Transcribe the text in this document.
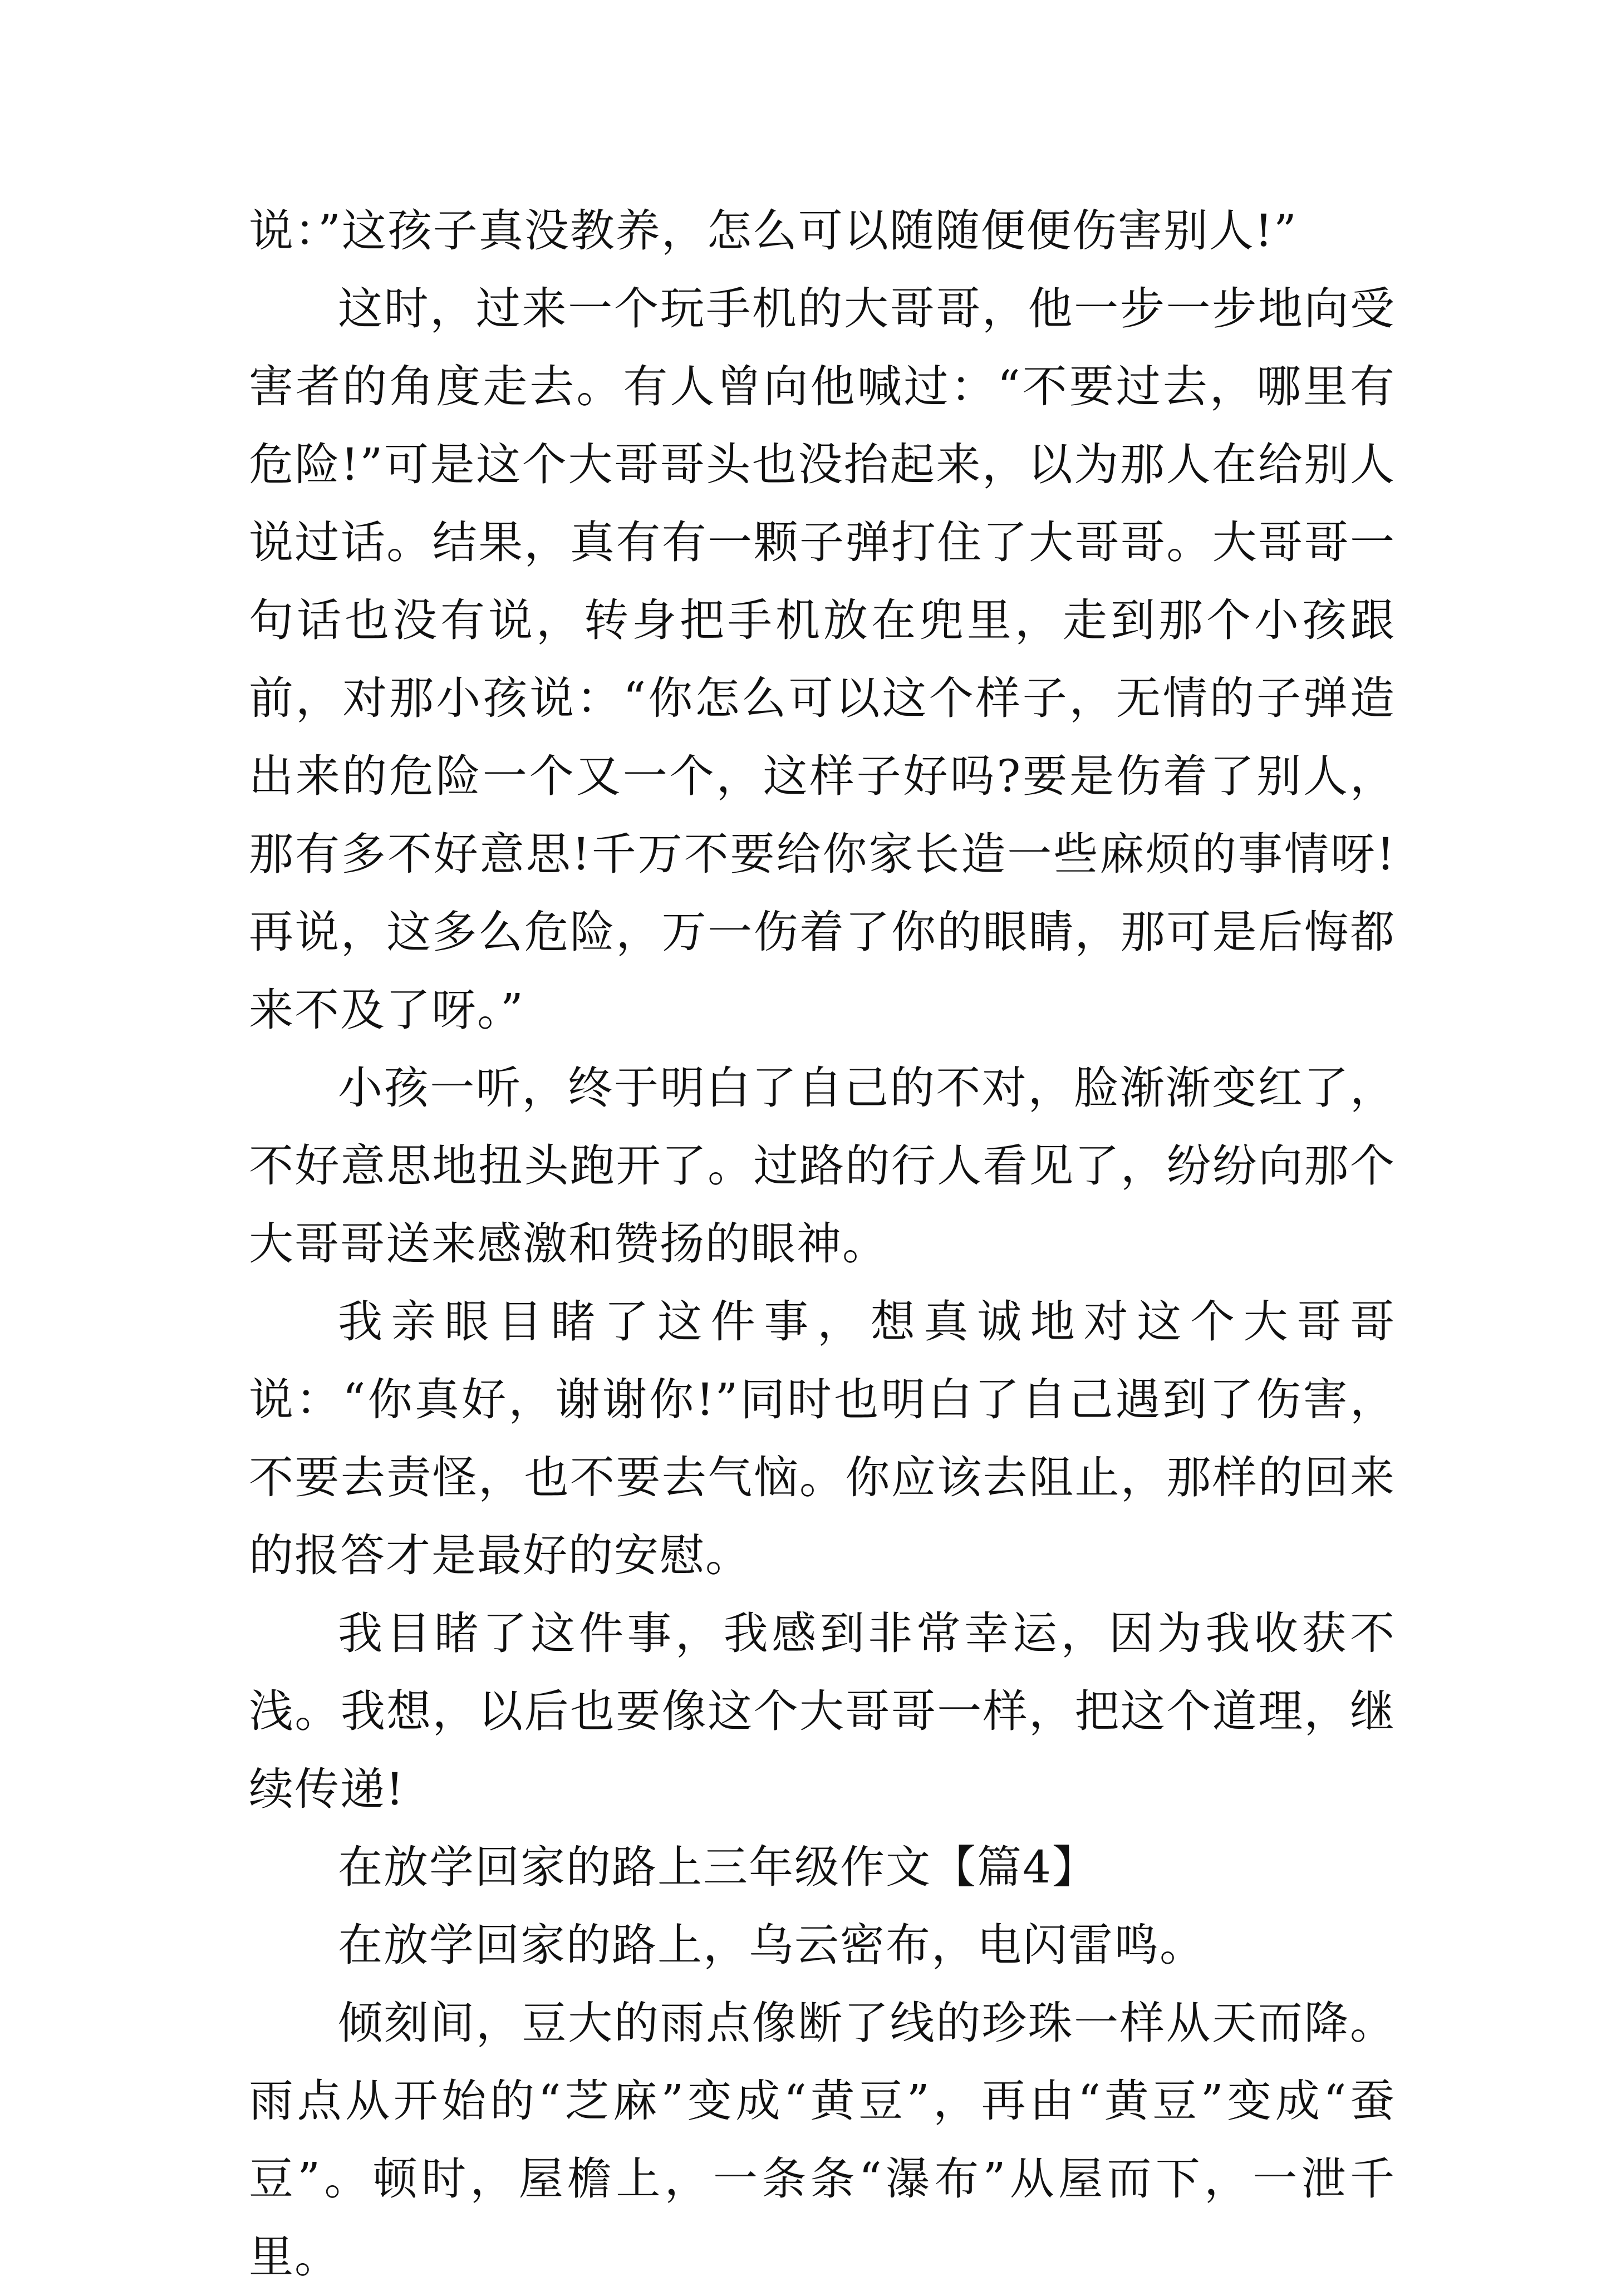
说：”这孩子真没教养，怎么可以随随便便伤害别人!”

这时，过来一个玩手机的大哥哥，他一步一步地向受害者的角度走去。有人曾向他喊过：“不要过去，哪里有危险!”可是这个大哥哥头也没抬起来，以为那人在给别人说过话。结果，真有有一颗子弹打住了大哥哥。大哥哥一句话也没有说，转身把手机放在兜里，走到那个小孩跟前，对那小孩说：“你怎么可以这个样子，无情的子弹造出来的危险一个又一个，这样子好吗?要是伤着了别人，那有多不好意思!千万不要给你家长造一些麻烦的事情呀!再说，这多么危险，万一伤着了你的眼睛，那可是后悔都来不及了呀。”

小孩一听，终于明白了自己的不对，脸渐渐变红了，不好意思地扭头跑开了。过路的行人看见了，纷纷向那个大哥哥送来感激和赞扬的眼神。

我亲眼目睹了这件事，想真诚地对这个大哥哥说：“你真好，谢谢你!”同时也明白了自己遇到了伤害，不要去责怪，也不要去气恼。你应该去阻止，那样的回来的报答才是最好的安慰。

我目睹了这件事，我感到非常幸运，因为我收获不浅。我想，以后也要像这个大哥哥一样，把这个道理，继续传递!

在放学回家的路上三年级作文【篇4】

在放学回家的路上，乌云密布，电闪雷鸣。

倾刻间，豆大的雨点像断了线的珍珠一样从天而降。雨点从开始的“芝麻”变成“黄豆”，再由“黄豆”变成“蚕豆”。顿时，屋檐上，一条条“瀑布”从屋而下，一泄千里。
